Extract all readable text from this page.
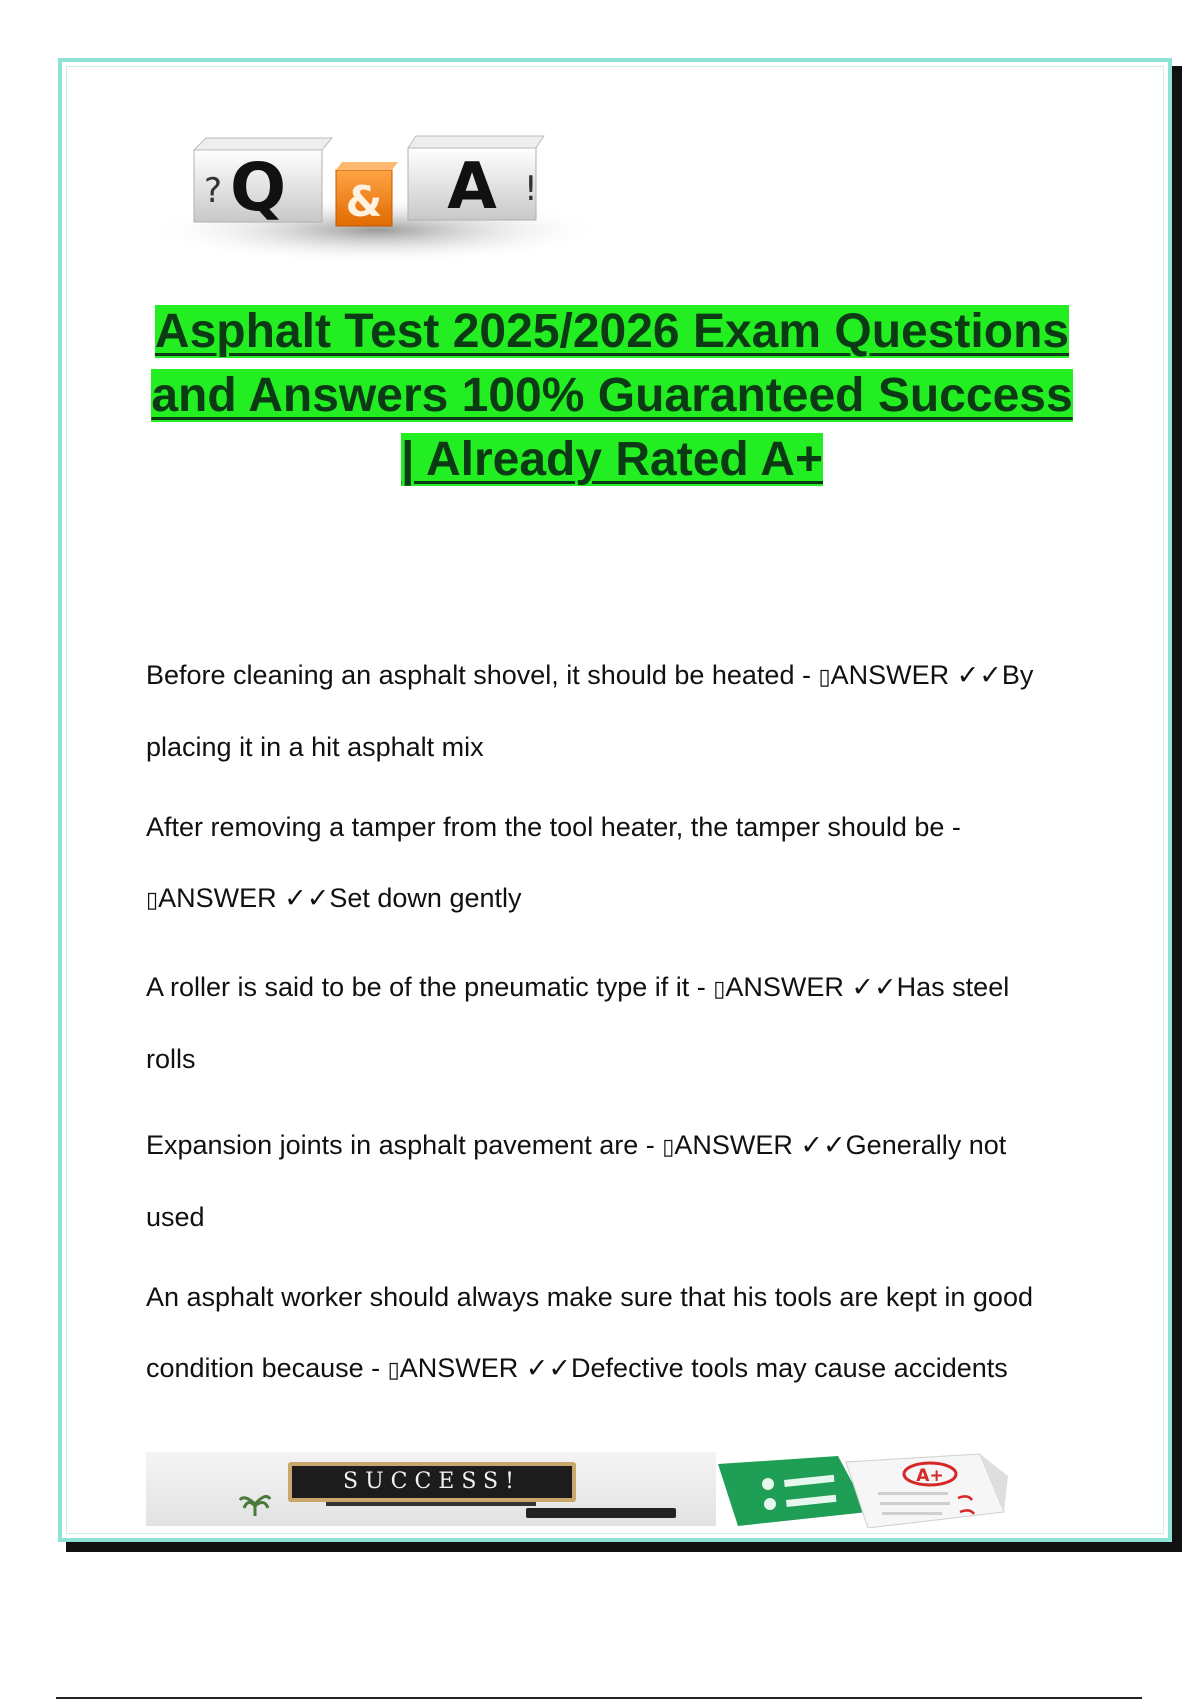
Q
?	& A !
Asphalt Test 2025/2026 Exam Questions
and Answers 100% Guaranteed Success
| Already Rated A+
Before cleaning an asphalt shovel, it should be heated - ▯ANSWER ✓✓By
placing it in a hit asphalt mix
After removing a tamper from the tool heater, the tamper should be -
▯ANSWER ✓✓Set down gently
A roller is said to be of the pneumatic type if it - ▯ANSWER ✓✓Has steel
rolls
Expansion joints in asphalt pavement are - ▯ANSWER ✓✓Generally not
used
An asphalt worker should always make sure that his tools are kept in good
condition because - ▯ANSWER ✓✓Defective tools may cause accidents
SUCCESS!	A+
